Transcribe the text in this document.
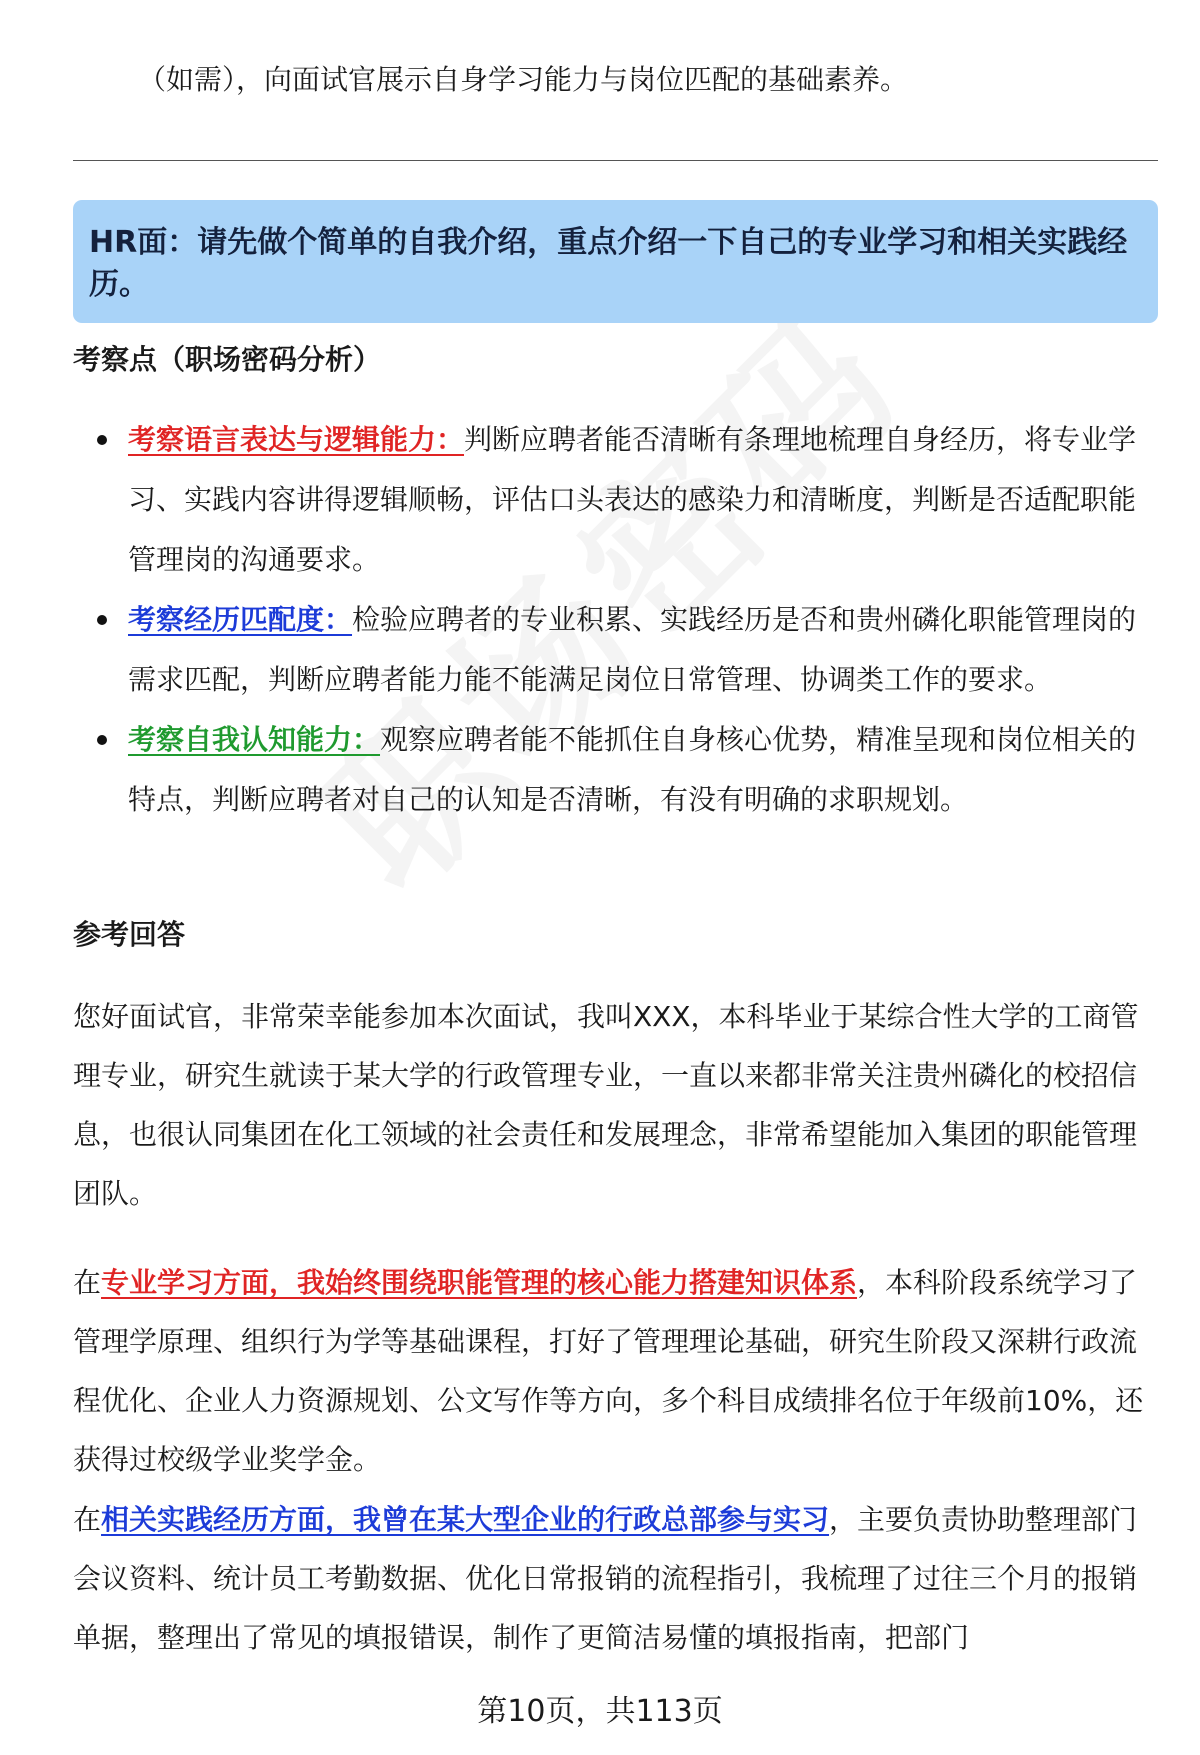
（如需），向面试官展示自身学习能力与岗位匹配的基础素养。
HR面：请先做个简单的自我介绍，重点介绍一下自己的专业学习和相关实践经历。
考察点（职场密码分析）
考察语言表达与逻辑能力：判断应聘者能否清晰有条理地梳理自身经历，将专业学习、实践内容讲得逻辑顺畅，评估口头表达的感染力和清晰度，判断是否适配职能管理岗的沟通要求。
考察经历匹配度：检验应聘者的专业积累、实践经历是否和贵州磷化职能管理岗的需求匹配，判断应聘者能力能不能满足岗位日常管理、协调类工作的要求。
考察自我认知能力：观察应聘者能不能抓住自身核心优势，精准呈现和岗位相关的特点，判断应聘者对自己的认知是否清晰，有没有明确的求职规划。
参考回答
您好面试官，非常荣幸能参加本次面试，我叫XXX，本科毕业于某综合性大学的工商管理专业，研究生就读于某大学的行政管理专业，一直以来都非常关注贵州磷化的校招信息，也很认同集团在化工领域的社会责任和发展理念，非常希望能加入集团的职能管理团队。
在专业学习方面，我始终围绕职能管理的核心能力搭建知识体系，本科阶段系统学习了管理学原理、组织行为学等基础课程，打好了管理理论基础，研究生阶段又深耕行政流程优化、企业人力资源规划、公文写作等方向，多个科目成绩排名位于年级前10%，还获得过校级学业奖学金。
在相关实践经历方面，我曾在某大型企业的行政总部参与实习，主要负责协助整理部门会议资料、统计员工考勤数据、优化日常报销的流程指引，我梳理了过往三个月的报销单据，整理出了常见的填报错误，制作了更简洁易懂的填报指南，把部门
第10页，共113页
